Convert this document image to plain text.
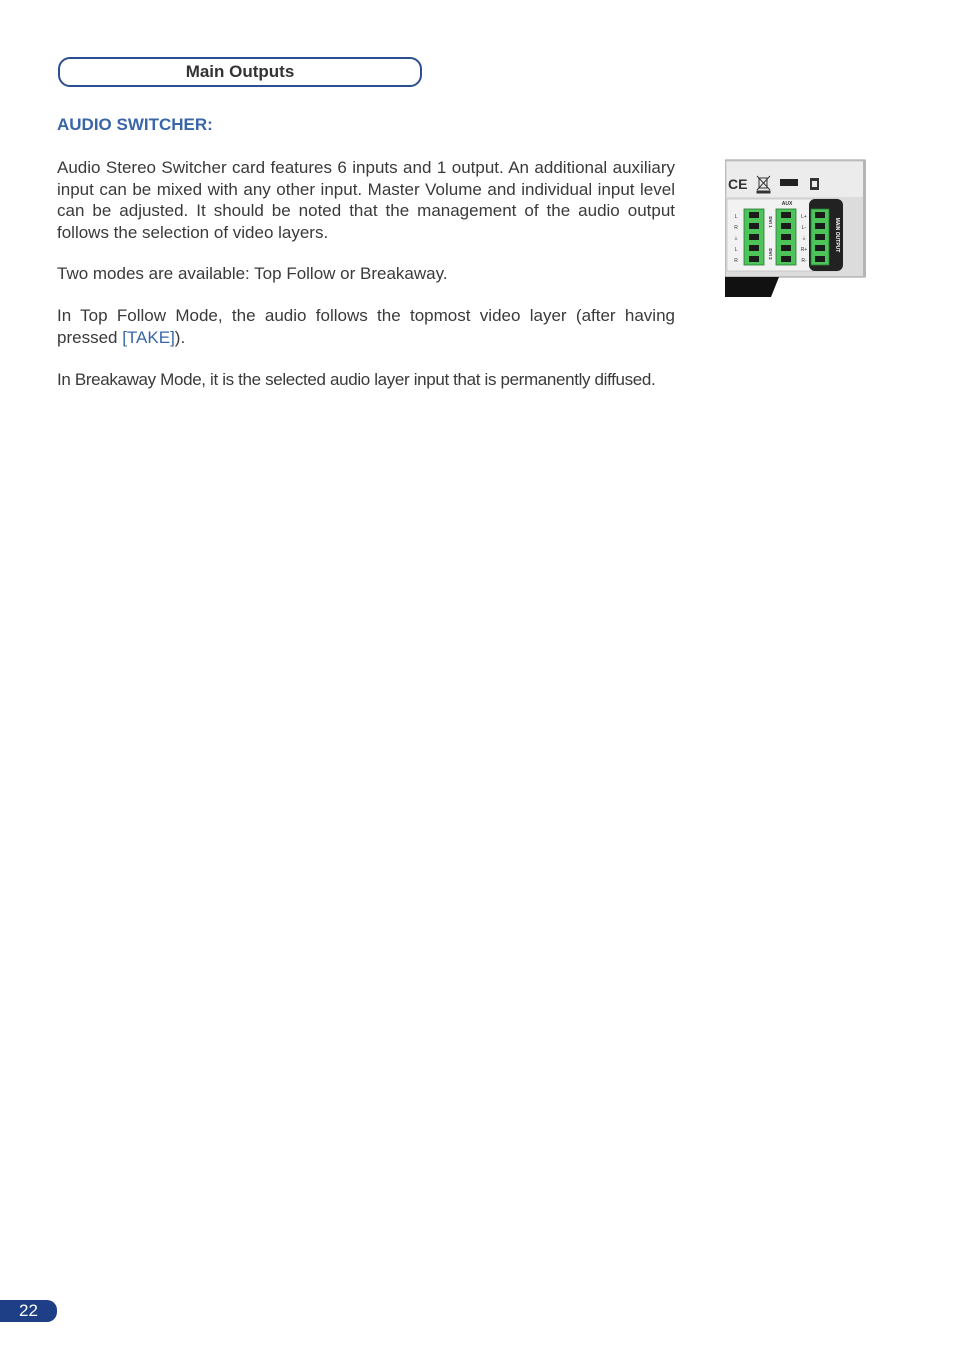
Main Outputs
AUDIO SWITCHER:

Audio Stereo Switcher card features 6 inputs and 1 output. An additional auxiliary input can be mixed with any other input. Master Volume and individual input level can be adjusted. It should be noted that the management of the audio output follows the selection of video layers.

Two modes are available: Top Follow or Breakaway.

In Top Follow Mode, the audio follows the topmost video layer (after having pressed [TAKE]).

In Breakaway Mode, it is the selected audio layer input that is permanently diffused.

CE
MAIN OUTPUT
AUX
DVI 1
DVI 2
L
R
⏚
L
R
L+
L-
⏚
R+
R-
22
